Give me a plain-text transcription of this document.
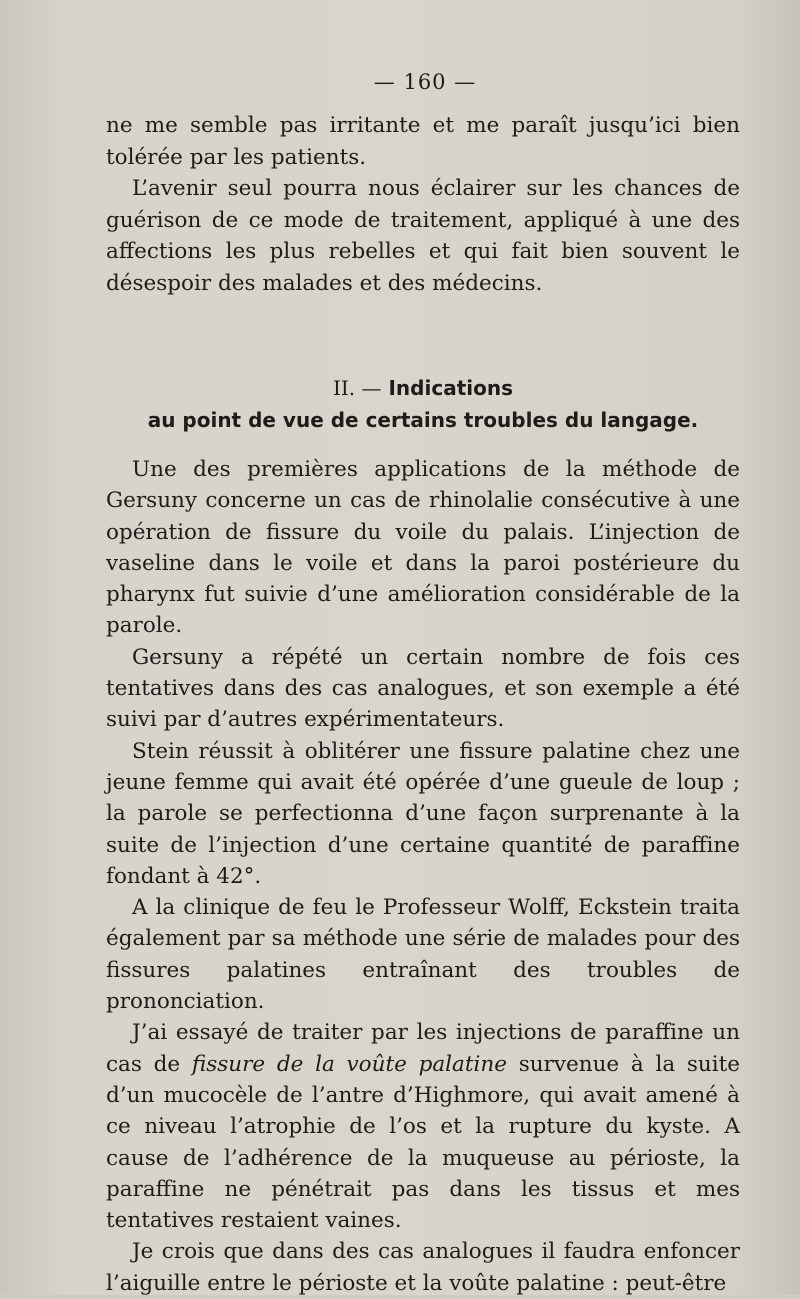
— 160 —

ne me semble pas irritante et me paraît jusqu’ici bien tolérée par les patients.

L’avenir seul pourra nous éclairer sur les chances de guérison de ce mode de traitement, appliqué à une des affections les plus rebelles et qui fait bien souvent le désespoir des malades et des médecins.

II. — Indications
au point de vue de certains troubles du langage.

Une des premières applications de la méthode de Gersuny concerne un cas de rhinolalie consécutive à une opération de fissure du voile du palais. L’injection de vaseline dans le voile et dans la paroi postérieure du pharynx fut suivie d’une amélioration considérable de la parole.

Gersuny a répété un certain nombre de fois ces tentatives dans des cas analogues, et son exemple a été suivi par d’autres expérimentateurs.

Stein réussit à oblitérer une fissure palatine chez une jeune femme qui avait été opérée d’une gueule de loup ; la parole se perfectionna d’une façon surprenante à la suite de l’injection d’une certaine quantité de paraffine fondant à 42°.

A la clinique de feu le Professeur Wolff, Eckstein traita également par sa méthode une série de malades pour des fissures palatines entraînant des troubles de prononciation.

J’ai essayé de traiter par les injections de paraffine un cas de fissure de la voûte palatine survenue à la suite d’un mucocèle de l’antre d’Highmore, qui avait amené à ce niveau l’atrophie de l’os et la rupture du kyste. A cause de l’adhérence de la muqueuse au périoste, la paraffine ne pénétrait pas dans les tissus et mes tentatives restaient vaines.

Je crois que dans des cas analogues il faudra enfoncer l’aiguille entre le périoste et la voûte palatine : peut-être
